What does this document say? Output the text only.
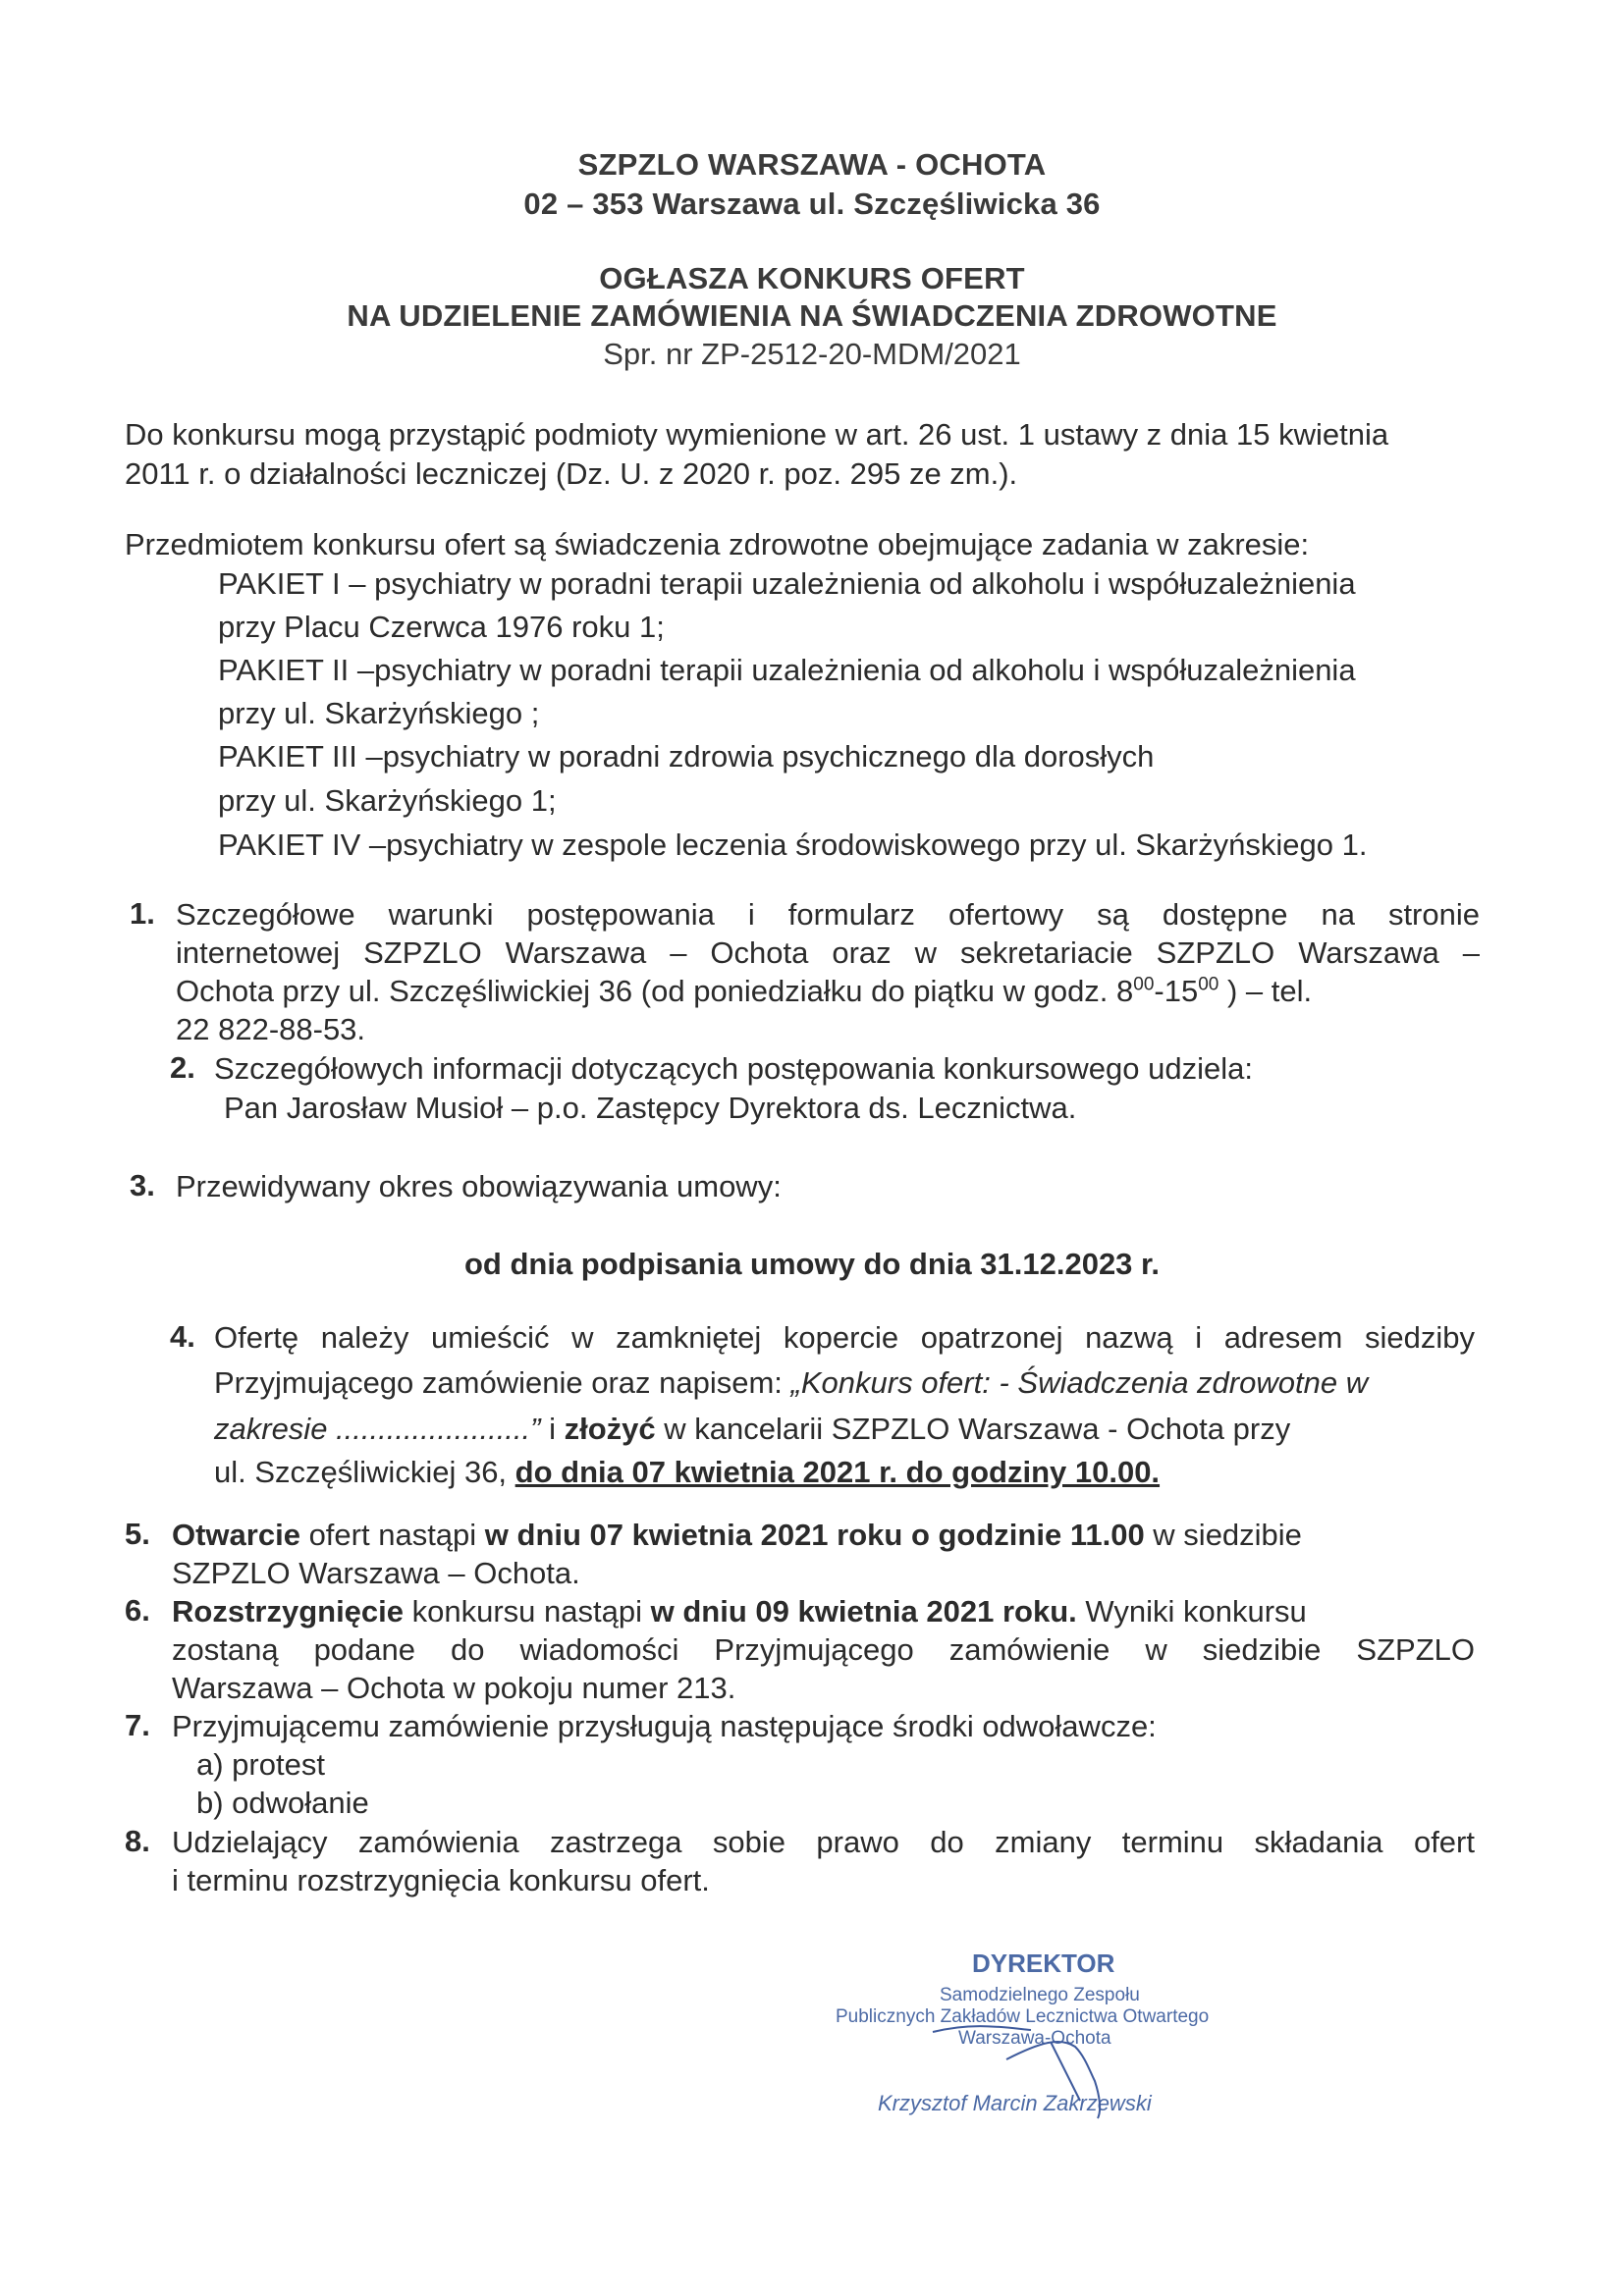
SZPZLO WARSZAWA - OCHOTA
02 – 353 Warszawa ul. Szczęśliwicka 36
OGŁASZA KONKURS OFERT
NA UDZIELENIE ZAMÓWIENIA NA ŚWIADCZENIA ZDROWOTNE
Spr. nr ZP-2512-20-MDM/2021
Do konkursu mogą przystąpić podmioty wymienione w art. 26 ust. 1 ustawy z dnia 15 kwietnia
2011 r. o działalności leczniczej (Dz. U. z 2020 r. poz. 295 ze zm.).
Przedmiotem konkursu ofert są świadczenia zdrowotne obejmujące zadania w zakresie:
PAKIET I – psychiatry w poradni terapii uzależnienia od alkoholu i współuzależnienia
przy Placu Czerwca 1976 roku 1;
PAKIET II –psychiatry w poradni terapii uzależnienia od alkoholu i współuzależnienia
przy ul. Skarżyńskiego ;
PAKIET III –psychiatry w poradni zdrowia psychicznego dla dorosłych
przy ul. Skarżyńskiego 1;
PAKIET IV –psychiatry w zespole leczenia środowiskowego przy ul. Skarżyńskiego 1.
1. Szczegółowe warunki postępowania i formularz ofertowy są dostępne na stronie
internetowej SZPZLO Warszawa – Ochota oraz w sekretariacie SZPZLO Warszawa –
Ochota przy ul. Szczęśliwickiej 36 (od poniedziałku do piątku w godz. $8^{00}-15^{00}$ ) – tel.
22 822-88-53.
2. Szczegółowych informacji dotyczących postępowania konkursowego udziela:
Pan Jarosław Musioł – p.o. Zastępcy Dyrektora ds. Lecznictwa.
3. Przewidywany okres obowiązywania umowy:
od dnia podpisania umowy do dnia 31.12.2023 r.
4. Ofertę należy umieścić w zamkniętej kopercie opatrzonej nazwą i adresem siedziby
Przyjmującego zamówienie oraz napisem: „Konkurs ofert: - Świadczenia zdrowotne w
zakresie .......................” i złożyć w kancelarii SZPZLO Warszawa - Ochota przy
ul. Szczęśliwickiej 36, do dnia 07 kwietnia 2021 r. do godziny 10.00.
5. Otwarcie ofert nastąpi w dniu 07 kwietnia 2021 roku o godzinie 11.00 w siedzibie
SZPZLO Warszawa – Ochota.
6. Rozstrzygnięcie konkursu nastąpi w dniu 09 kwietnia 2021 roku. Wyniki konkursu
zostaną podane do wiadomości Przyjmującego zamówienie w siedzibie SZPZLO
Warszawa – Ochota w pokoju numer 213.
7. Przyjmującemu zamówienie przysługują następujące środki odwoławcze:
a) protest
b) odwołanie
8. Udzielający zamówienia zastrzega sobie prawo do zmiany terminu składania ofert
i terminu rozstrzygnięcia konkursu ofert.
DYREKTOR
Samodzielnego Zespołu
Publicznych Zakładów Lecznictwa Otwartego
Warszawa-Ochota
Krzysztof Marcin Zakrzewski
